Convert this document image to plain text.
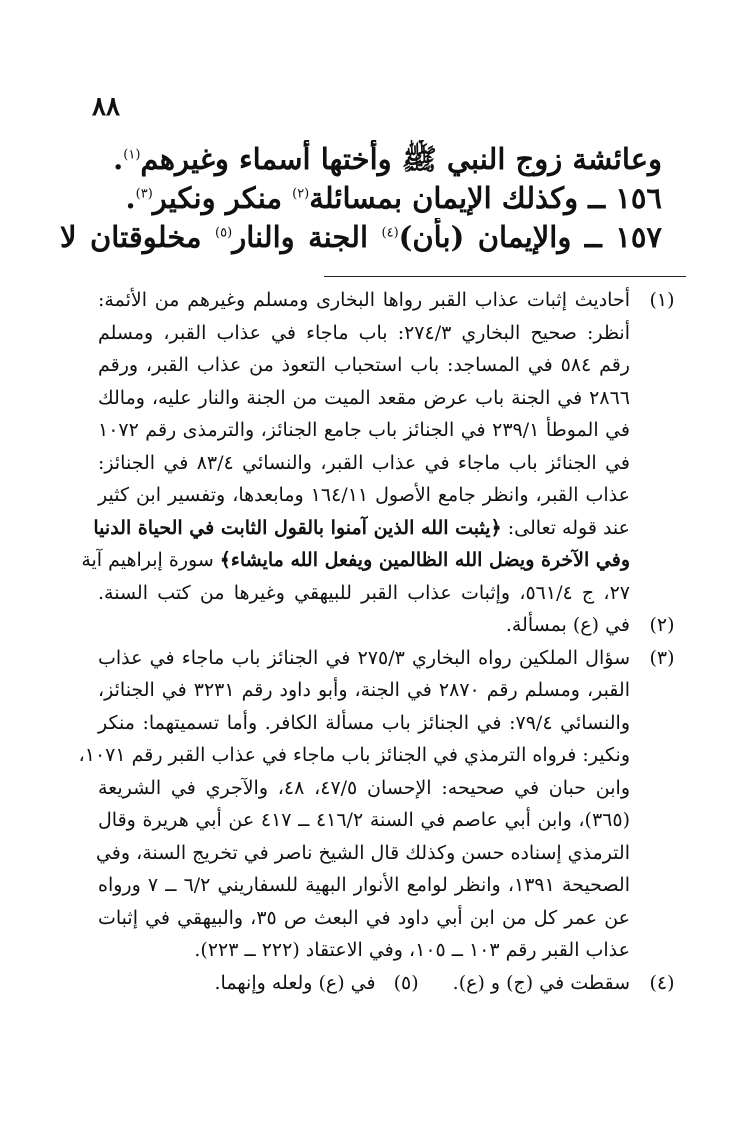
٨٨
وعائشة زوج النبي ﷺ وأختها أسماء وغيرهم$^{(١)}$.
١٥٦ ــ وكذلك الإيمان بمسائلة$^{(٢)}$ منكر ونكير$^{(٣)}$.
١٥٧ ــ والإيمان (بأن)$^{(٤)}$ الجنة والنار$^{(٥)}$ مخلوقتان لا
(١)
أحاديث إثبات عذاب القبر رواها البخارى ومسلم وغيرهم من الأئمة:
أنظر: صحيح البخاري ٢٧٤/٣: باب ماجاء في عذاب القبر، ومسلم
رقم ٥٨٤ في المساجد: باب استحباب التعوذ من عذاب القبر، ورقم
٢٨٦٦ في الجنة باب عرض مقعد الميت من الجنة والنار عليه، ومالك
في الموطأ ٢٣٩/١ في الجنائز باب جامع الجنائز، والترمذى رقم ١٠٧٢
في الجنائز باب ماجاء في عذاب القبر، والنسائي ٨٣/٤ في الجنائز:
عذاب القبر، وانظر جامع الأصول ١٦٤/١١ ومابعدها، وتفسير ابن كثير
عند قوله تعالى: ﴿يثبت الله الذين آمنوا بالقول الثابت في الحياة الدنيا
وفي الآخرة ويضل الله الظالمين ويفعل الله مايشاء﴾ سورة إبراهيم آية
٢٧، ج ٥٦١/٤، وإثبات عذاب القبر للبيهقي وغيرها من كتب السنة.
(٢)
في (ع) بمسألة.
(٣)
سؤال الملكين رواه البخاري ٢٧٥/٣ في الجنائز باب ماجاء في عذاب
القبر، ومسلم رقم ٢٨٧٠ في الجنة، وأبو داود رقم ٣٢٣١ في الجنائز،
والنسائي ٧٩/٤: في الجنائز باب مسألة الكافر. وأما تسميتهما: منكر
ونكير: فرواه الترمذي في الجنائز باب ماجاء في عذاب القبر رقم ١٠٧١،
وابن حبان في صحيحه: الإحسان ٤٧/٥، ٤٨، والآجري في الشريعة
(٣٦٥)، وابن أبي عاصم في السنة ٤١٦/٢ ــ ٤١٧ عن أبي هريرة وقال
الترمذي إسناده حسن وكذلك قال الشيخ ناصر في تخريج السنة، وفي
الصحيحة ١٣٩١، وانظر لوامع الأنوار البهية للسفاريني ٦/٢ ــ ٧ ورواه
عن عمر كل من ابن أبي داود في البعث ص ٣٥، والبيهقي في إثبات
عذاب القبر رقم ١٠٣ ــ ١٠٥، وفي الاعتقاد (٢٢٢ ــ ٢٢٣).
(٤)
سقطت في (ج) و (ع).(٥)في (ع) ولعله وإنهما.
